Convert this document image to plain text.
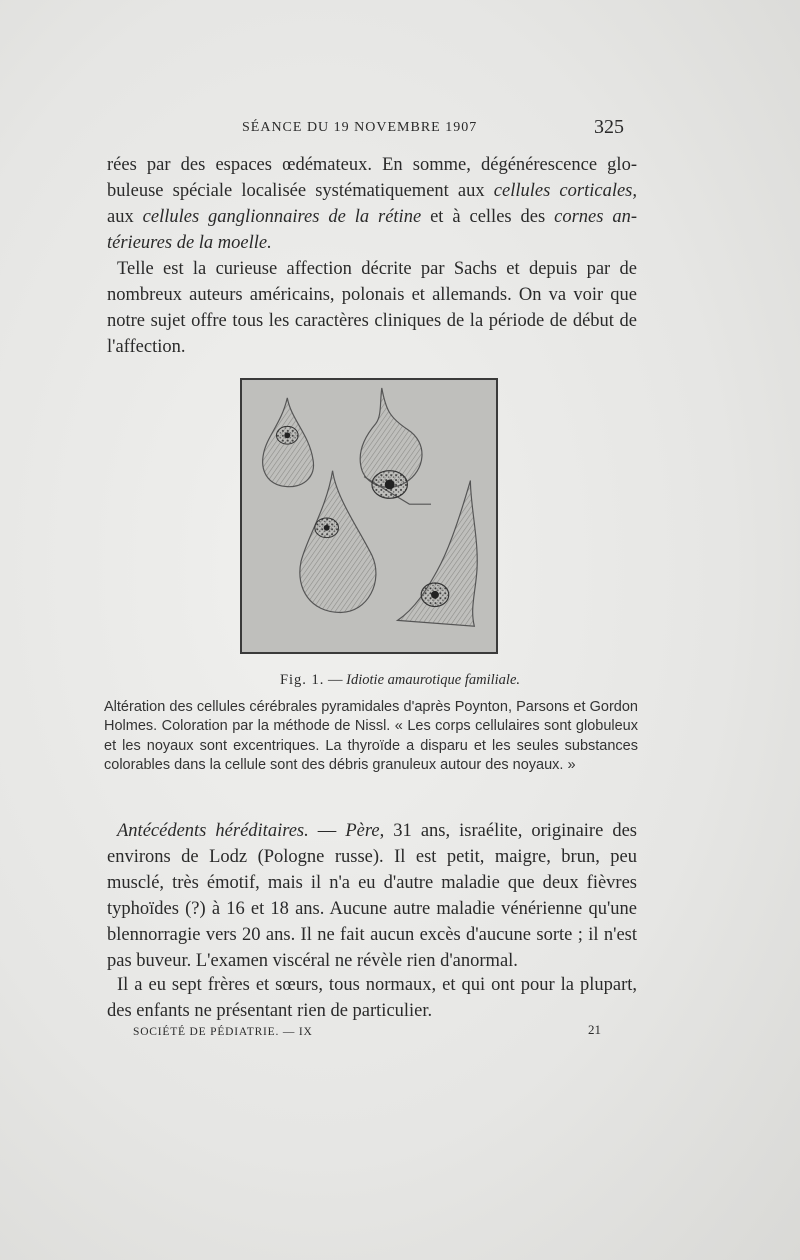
SÉANCE DU 19 NOVEMBRE 1907	325
rées par des espaces œdémateux. En somme, dégénérescence glo-
buleuse spéciale localisée systématiquement aux cellules corticales,
aux cellules ganglionnaires de la rétine et à celles des cornes an-
térieures de la moelle.

Telle est la curieuse affection décrite par Sachs et depuis par de nombreux auteurs américains, polonais et allemands. On va voir que notre sujet offre tous les caractères cliniques de la période de début de l'affection.

Fig. 1. — Idiotie amaurotique familiale.

Altération des cellules cérébrales pyramidales d'après Poynton, Parsons et Gordon Holmes. Coloration par la méthode de Nissl. « Les corps cellulaires sont globuleux et les noyaux sont excentriques. La thyroïde a disparu et les seules substances colorables dans la cellule sont des débris granuleux autour des noyaux. »

Antécédents héréditaires. — Père, 31 ans, israélite, originaire des environs de Lodz (Pologne russe). Il est petit, maigre, brun, peu musclé, très émotif, mais il n'a eu d'autre maladie que deux fièvres typhoïdes (?) à 16 et 18 ans. Aucune autre maladie vénérienne qu'une blennorragie vers 20 ans. Il ne fait aucun excès d'aucune sorte ; il n'est pas buveur. L'examen viscéral ne révèle rien d'anormal.

Il a eu sept frères et sœurs, tous normaux, et qui ont pour la plupart, des enfants ne présentant rien de particulier.

SOCIÉTÉ DE PÉDIATRIE. — IX	21
